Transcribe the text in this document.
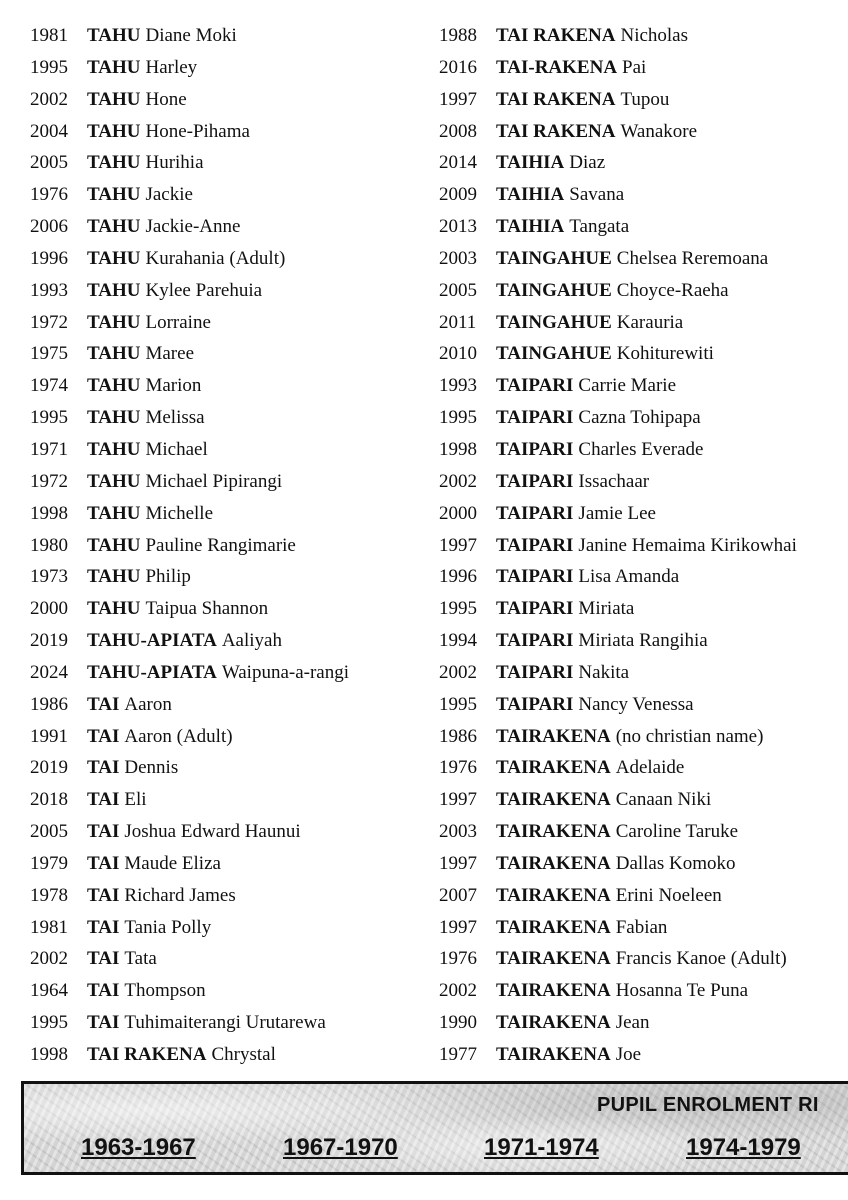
1981 TAHU Diane Moki
1995 TAHU Harley
2002 TAHU Hone
2004 TAHU Hone-Pihama
2005 TAHU Hurihia
1976 TAHU Jackie
2006 TAHU Jackie-Anne
1996 TAHU Kurahania (Adult)
1993 TAHU Kylee Parehuia
1972 TAHU Lorraine
1975 TAHU Maree
1974 TAHU Marion
1995 TAHU Melissa
1971 TAHU Michael
1972 TAHU Michael Pipirangi
1998 TAHU Michelle
1980 TAHU Pauline Rangimarie
1973 TAHU Philip
2000 TAHU Taipua Shannon
2019 TAHU-APIATA Aaliyah
2024 TAHU-APIATA Waipuna-a-rangi
1986 TAI Aaron
1991 TAI Aaron (Adult)
2019 TAI Dennis
2018 TAI Eli
2005 TAI Joshua Edward Haunui
1979 TAI Maude Eliza
1978 TAI Richard James
1981 TAI Tania Polly
2002 TAI Tata
1964 TAI Thompson
1995 TAI Tuhimaiterangi Urutarewa
1998 TAI RAKENA Chrystal
1988 TAI RAKENA Nicholas
2016 TAI-RAKENA Pai
1997 TAI RAKENA Tupou
2008 TAI RAKENA Wanakore
2014 TAIHIA Diaz
2009 TAIHIA Savana
2013 TAIHIA Tangata
2003 TAINGAHUE Chelsea Reremoana
2005 TAINGAHUE Choyce-Raeha
2011 TAINGAHUE Karauria
2010 TAINGAHUE Kohiturewiti
1993 TAIPARI Carrie Marie
1995 TAIPARI Cazna Tohipapa
1998 TAIPARI Charles Everade
2002 TAIPARI Issachaar
2000 TAIPARI Jamie Lee
1997 TAIPARI Janine Hemaima Kirikowhai
1996 TAIPARI Lisa Amanda
1995 TAIPARI Miriata
1994 TAIPARI Miriata Rangihia
2002 TAIPARI Nakita
1995 TAIPARI Nancy Venessa
1986 TAIRAKENA (no christian name)
1976 TAIRAKENA Adelaide
1997 TAIRAKENA Canaan Niki
2003 TAIRAKENA Caroline Taruke
1997 TAIRAKENA Dallas Komoko
2007 TAIRAKENA Erini Noeleen
1997 TAIRAKENA Fabian
1976 TAIRAKENA Francis Kanoe (Adult)
2002 TAIRAKENA Hosanna Te Puna
1990 TAIRAKENA Jean
1977 TAIRAKENA Joe
PUPIL ENROLMENT RI
1963-1967	1967-1970	1971-1974	1974-1979
